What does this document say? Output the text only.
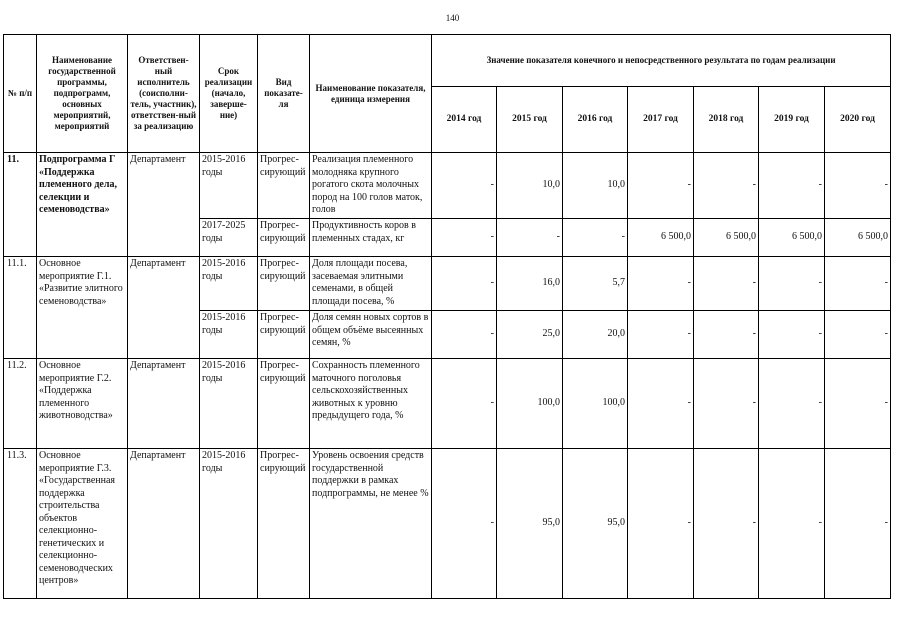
140
№ п/п	Наименование государственной программы, подпрограмм, основных мероприятий, мероприятий	Ответствен-ный исполнитель (соисполни-тель, участник), ответствен-ный за реализацию	Срок реализации (начало, заверше-ние)	Вид показате-ля	Наименование показателя, единица измерения	Значение показателя конечного и непосредственного результата по годам реализации						
						2014 год	2015 год	2016 год	2017 год	2018 год	2019 год	2020 год
11.	Подпрограмма Г «Поддержка племенного дела, селекции и семеноводства»	Департамент	2015-2016 годы	Прогрес-сирующий	Реализация племенного молодняка крупного рогатого скота молочных пород на 100 голов маток, голов	-	10,0	10,0	-	-	-	-
			2017-2025 годы	Прогрес-сирующий	Продуктивность коров в племенных стадах, кг	-	-	-	6 500,0	6 500,0	6 500,0	6 500,0
11.1.	Основное мероприятие Г.1. «Развитие элитного семеноводства»	Департамент	2015-2016 годы	Прогрес-сирующий	Доля площади посева, засеваемая элитными семенами, в общей площади посева, %	-	16,0	5,7	-	-	-	-
			2015-2016 годы	Прогрес-сирующий	Доля семян новых сортов в общем объёме высеянных семян, %	-	25,0	20,0	-	-	-	-
11.2.	Основное мероприятие Г.2. «Поддержка племенного животноводства»	Департамент	2015-2016 годы	Прогрес-сирующий	Сохранность племенного маточного поголовья сельскохозяйственных животных к уровню предыдущего года, %	-	100,0	100,0	-	-	-	-
11.3.	Основное мероприятие Г.3. «Государственная поддержка строительства объектов селекционно-генетических и селекционно-семеноводческих центров»	Департамент	2015-2016 годы	Прогрес-сирующий	Уровень освоения средств государственной поддержки в рамках подпрограммы, не менее %	-	95,0	95,0	-	-	-	-
